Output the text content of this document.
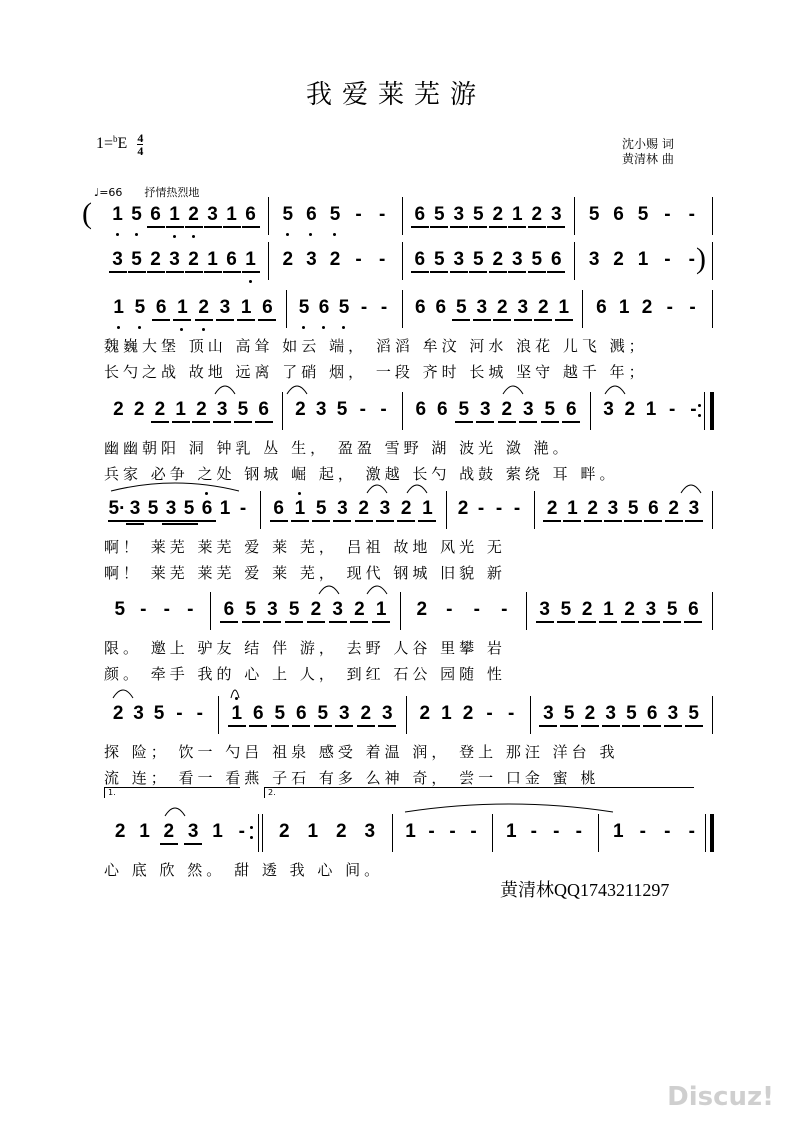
我爱莱芜游
$1=^bE \frac{4}{4}$	沈小赐 词
黄清林 曲
♩=66 抒情热烈地
1 5 6 1 2 3 1 6 5 6 5 - -	6 5 3 5 2 1 2 3 5 6 5 - -
(
3 5 2 3 2 1 6 1 2 3 2 - -	6 5 3 5 2 3 5 6 3 2 1 - - )
1 5 6 1 2 3 1 6 5 6 5 - -	6 6 5 3 2 3 2 1 6 1 2 - -
魏巍大堡 顶山 高耸 如云 端， 滔滔 牟汶 河水 浪花 儿飞 溅；
长勺之战 故地 远离 了硝 烟， 一段 齐时 长城 坚守 越千 年；
2 2 2 1 2 3 5 6 2 3 5 - -	6 6 5 3 2 3 5 6 3 2 1 - -
幽幽朝阳 洞 钟乳 丛 生， 盈盈 雪野 湖 波光 潋 滟。
兵家 必争 之处 钢城 崛 起， 激越 长勺 战鼓 萦绕 耳 畔。
5· 3 5 3 5 6 1 -	6 1 5 3 2 3 2 1 2 - - -	2 1 2 3 5 6 2 3
啊！ 莱芜 莱芜 爱 莱 芜， 吕祖 故地 风光 无
啊！ 莱芜 莱芜 爱 莱 芜， 现代 钢城 旧貌 新
5 - - -	6 5 3 5 2 3 2 1 2	-	-	-	3 5 2 1 2 3 5 6
限。 邀上 驴友 结 伴 游， 去野 人谷 里攀 岩
颜。 牵手 我的 心 上 人， 到红 石公 园随 性
2 3 5 - -	1 6 5 6 5 3 2 3 2 1 2 - -	3 5 2 3 5 6 3 5
探 险； 饮一 勺吕 祖泉 感受 着温 润， 登上 那汪 洋台 我
流 连； 看一 看燕 子石 有多 么神 奇， 尝一 口金 蜜 桃
2 1 2 3 1 -	2 1 2 3 1 - - -	1 - - -	1 - - -
1.	2.
心 底 欣 然。 甜 透 我 心 间。
黄清林QQ1743211297
Discuz!
